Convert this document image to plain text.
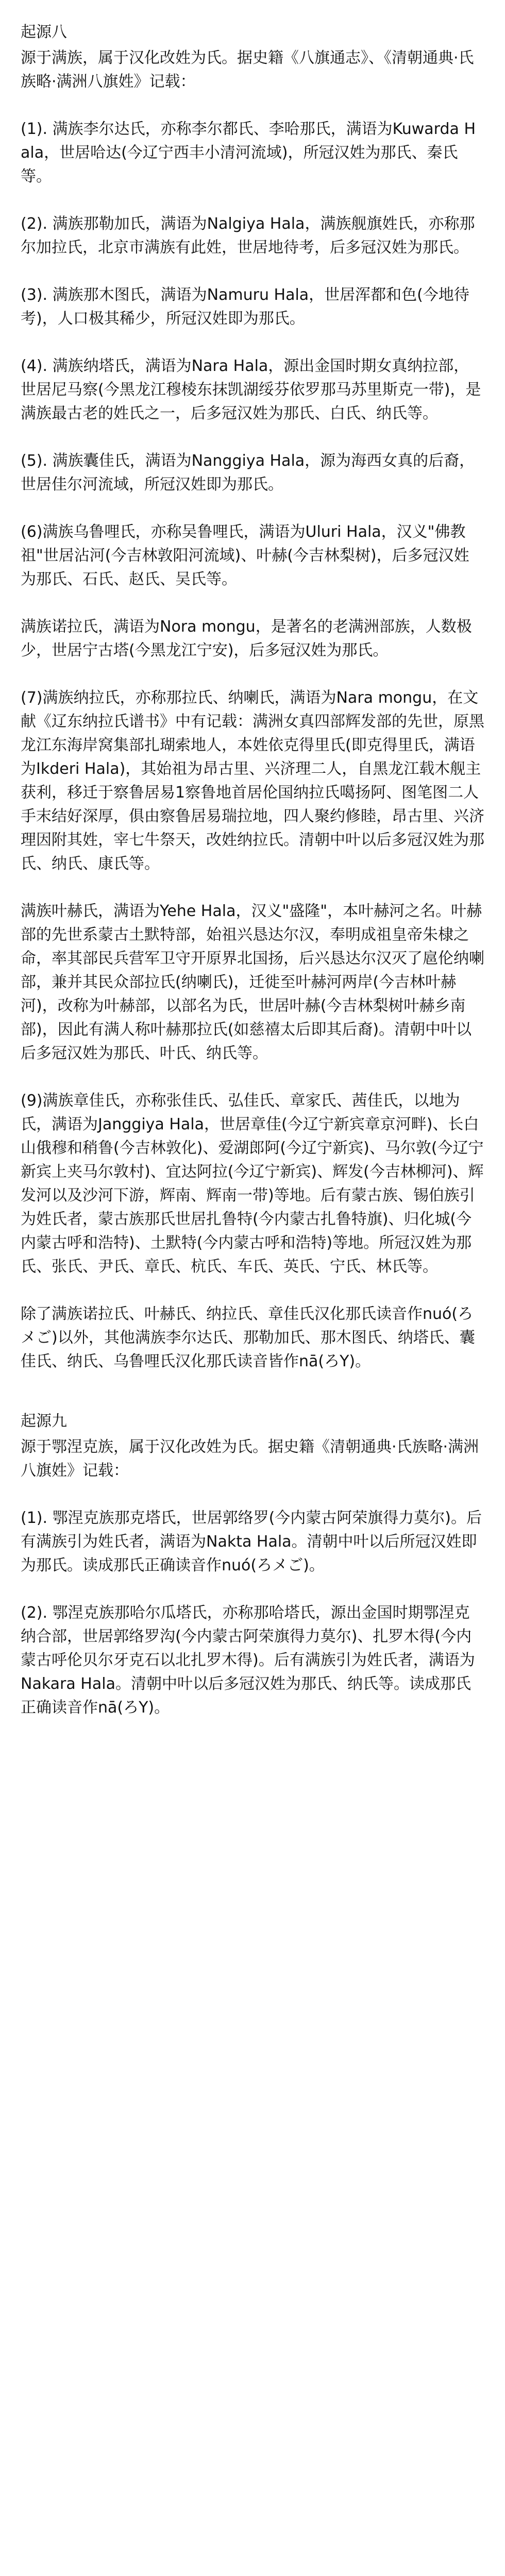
起源八
源于满族，属于汉化改姓为氏。据史籍《八旗通志》、《清朝通典·氏族略·满洲八旗姓》记载：
(1). 满族李尔达氏，亦称李尔都氏、李哈那氏，满语为Kuwarda Hala，世居哈达(今辽宁西丰小清河流域)，所冠汉姓为那氏、秦氏等。
(2). 满族那勒加氏，满语为Nalgiya Hala，满族舰旗姓氏，亦称那尔加拉氏，北京市满族有此姓，世居地待考，后多冠汉姓为那氏。
(3). 满族那木图氏，满语为Namuru Hala，世居浑都和色(今地待考)，人口极其稀少，所冠汉姓即为那氏。
(4). 满族纳塔氏，满语为Nara Hala，源出金国时期女真纳拉部，世居尼马察(今黑龙江穆棱东抹凯湖绥芬依罗那马苏里斯克一带)，是满族最古老的姓氏之一，后多冠汉姓为那氏、白氏、纳氏等。
(5). 满族囊佳氏，满语为Nanggiya Hala，源为海西女真的后裔，世居佳尔河流域，所冠汉姓即为那氏。
(6)满族乌鲁哩氏，亦称吴鲁哩氏，满语为Uluri Hala，汉义"佛教祖"世居沾河(今吉林敦阳河流域)、叶赫(今吉林梨树)，后多冠汉姓为那氏、石氏、赵氏、吴氏等。
满族诺拉氏，满语为Nora mongu，是著名的老满洲部族，人数极少，世居宁古塔(今黑龙江宁安)，后多冠汉姓为那氏。
(7)满族纳拉氏，亦称那拉氏、纳喇氏，满语为Nara mongu，在文献《辽东纳拉氏谱书》中有记载：满洲女真四部辉发部的先世，原黑龙江东海岸窝集部扎瑚索地人，本姓依克得里氏(即克得里氏，满语为Ikderi Hala)，其始祖为昂古里、兴济理二人，自黑龙江载木舰主获利，移迁于察鲁居易1察鲁地首居伦国纳拉氏噶扬阿、图笔图二人手末结好深厚，俱由察鲁居易瑞拉地，四人聚约修睦，昂古里、兴济理因附其姓，宰七牛祭天，改姓纳拉氏。清朝中叶以后多冠汉姓为那氏、纳氏、康氏等。
满族叶赫氏，满语为Yehe Hala，汉义"盛隆"，本叶赫河之名。叶赫部的先世系蒙古土默特部，始祖兴恳达尔汉，奉明成祖皇帝朱棣之命，率其部民兵营军卫守开原界北国扬，后兴恳达尔汉灭了扈伦纳喇部，兼并其民众部拉氏(纳喇氏)，迁徙至叶赫河两岸(今吉林叶赫河)，改称为叶赫部，以部名为氏，世居叶赫(今吉林梨树叶赫乡南部)，因此有满人称叶赫那拉氏(如慈禧太后即其后裔)。清朝中叶以后多冠汉姓为那氏、叶氏、纳氏等。
(9)满族章佳氏，亦称张佳氏、弘佳氏、章家氏、茜佳氏，以地为氏，满语为Janggiya Hala，世居章佳(今辽宁新宾章京河畔)、长白山俄穆和稍鲁(今吉林敦化)、爱湖郎阿(今辽宁新宾)、马尔敦(今辽宁新宾上夹马尔敦村)、宜达阿拉(今辽宁新宾)、辉发(今吉林柳河)、辉发河以及沙河下游，辉南、辉南一带)等地。后有蒙古族、锡伯族引为姓氏者，蒙古族那氏世居扎鲁特(今内蒙古扎鲁特旗)、归化城(今内蒙古呼和浩特)、土默特(今内蒙古呼和浩特)等地。所冠汉姓为那氏、张氏、尹氏、章氏、杭氏、车氏、英氏、宁氏、林氏等。
除了满族诺拉氏、叶赫氏、纳拉氏、章佳氏汉化那氏读音作nuó(ろメご)以外，其他满族李尔达氏、那勒加氏、那木图氏、纳塔氏、囊佳氏、纳氏、乌鲁哩氏汉化那氏读音皆作nā(ろY)。
起源九
源于鄂涅克族，属于汉化改姓为氏。据史籍《清朝通典·氏族略·满洲八旗姓》记载：
(1). 鄂涅克族那克塔氏，世居郭络罗(今内蒙古阿荣旗得力莫尔)。后有满族引为姓氏者，满语为Nakta Hala。清朝中叶以后所冠汉姓即为那氏。读成那氏正确读音作nuó(ろメご)。
(2). 鄂涅克族那哈尔瓜塔氏，亦称那哈塔氏，源出金国时期鄂涅克纳合部，世居郭络罗沟(今内蒙古阿荣旗得力莫尔)、扎罗木得(今内蒙古呼伦贝尔牙克石以北扎罗木得)。后有满族引为姓氏者，满语为Nakara Hala。清朝中叶以后多冠汉姓为那氏、纳氏等。读成那氏正确读音作nā(ろY)。
